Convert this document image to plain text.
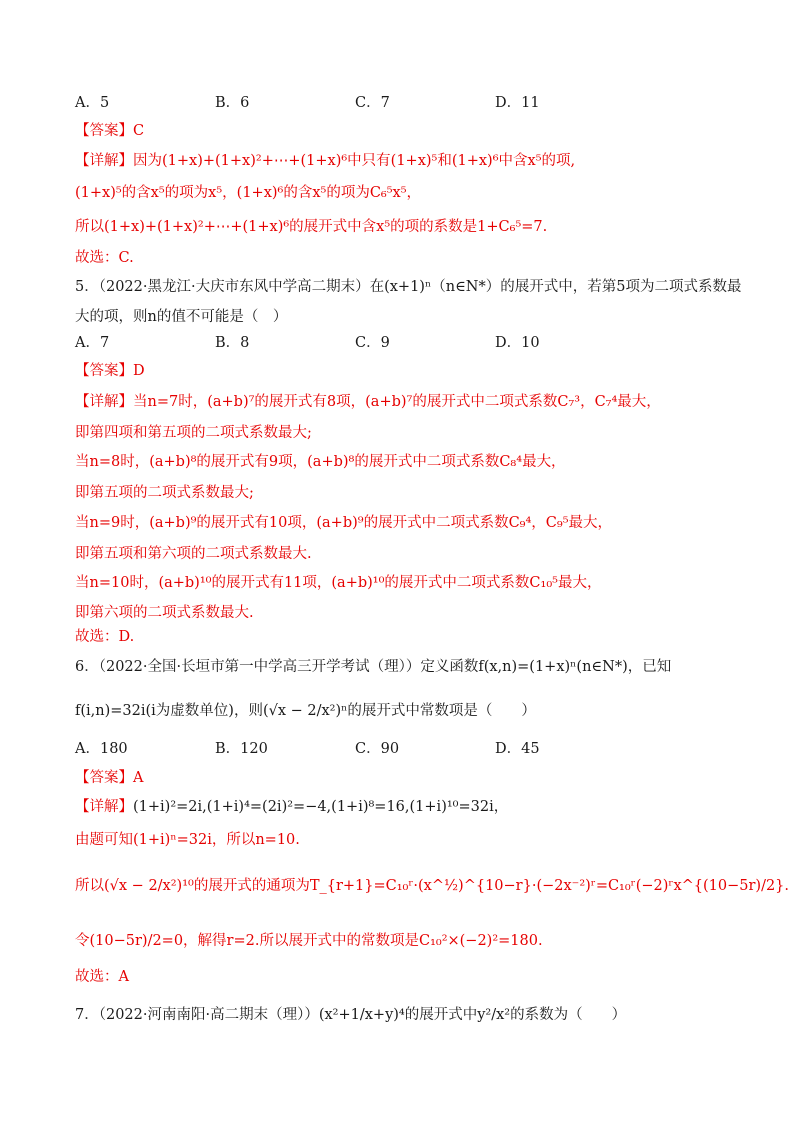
A．5	B．6	C．7	D．11
【答案】C
【详解】因为(1+x)+(1+x)²+⋯+(1+x)⁶中只有(1+x)⁵和(1+x)⁶中含x⁵的项,
(1+x)⁵的含x⁵的项为x⁵，(1+x)⁶的含x⁵的项为C₆⁵x⁵，
所以(1+x)+(1+x)²+⋯+(1+x)⁶的展开式中含x⁵的项的系数是1+C₆⁵=7.
故选：C.
5．（2022·黑龙江·大庆市东风中学高二期末）在(x+1)ⁿ（n∈N*）的展开式中，若第5项为二项式系数最
大的项，则n的值不可能是（　）
A．7	B．8	C．9	D．10
【答案】D
【详解】当n=7时，(a+b)⁷的展开式有8项，(a+b)⁷的展开式中二项式系数C₇³，C₇⁴最大，
即第四项和第五项的二项式系数最大;
当n=8时，(a+b)⁸的展开式有9项，(a+b)⁸的展开式中二项式系数C₈⁴最大，
即第五项的二项式系数最大;
当n=9时，(a+b)⁹的展开式有10项，(a+b)⁹的展开式中二项式系数C₉⁴，C₉⁵最大，
即第五项和第六项的二项式系数最大.
当n=10时，(a+b)¹⁰的展开式有11项，(a+b)¹⁰的展开式中二项式系数C₁₀⁵最大，
即第六项的二项式系数最大.
故选：D.
6．（2022·全国·长垣市第一中学高三开学考试（理））定义函数f(x,n)=(1+x)ⁿ(n∈N*)，已知
f(i,n)=32i(i为虚数单位)，则(√x − 2/x²)ⁿ的展开式中常数项是（　　）
A．180	B．120	C．90	D．45
【答案】A
【详解】(1+i)²=2i,(1+i)⁴=(2i)²=−4,(1+i)⁸=16,(1+i)¹⁰=32i，
由题可知(1+i)ⁿ=32i，所以n=10.
所以(√x − 2/x²)¹⁰的展开式的通项为T_{r+1}=C₁₀ʳ·(x^½)^{10−r}·(−2x⁻²)ʳ=C₁₀ʳ(−2)ʳx^{(10−5r)/2}.
令(10−5r)/2=0，解得r=2.所以展开式中的常数项是C₁₀²×(−2)²=180.
故选：A
7．（2022·河南南阳·高二期末（理））(x²+1/x+y)⁴的展开式中y²/x²的系数为（　　）
